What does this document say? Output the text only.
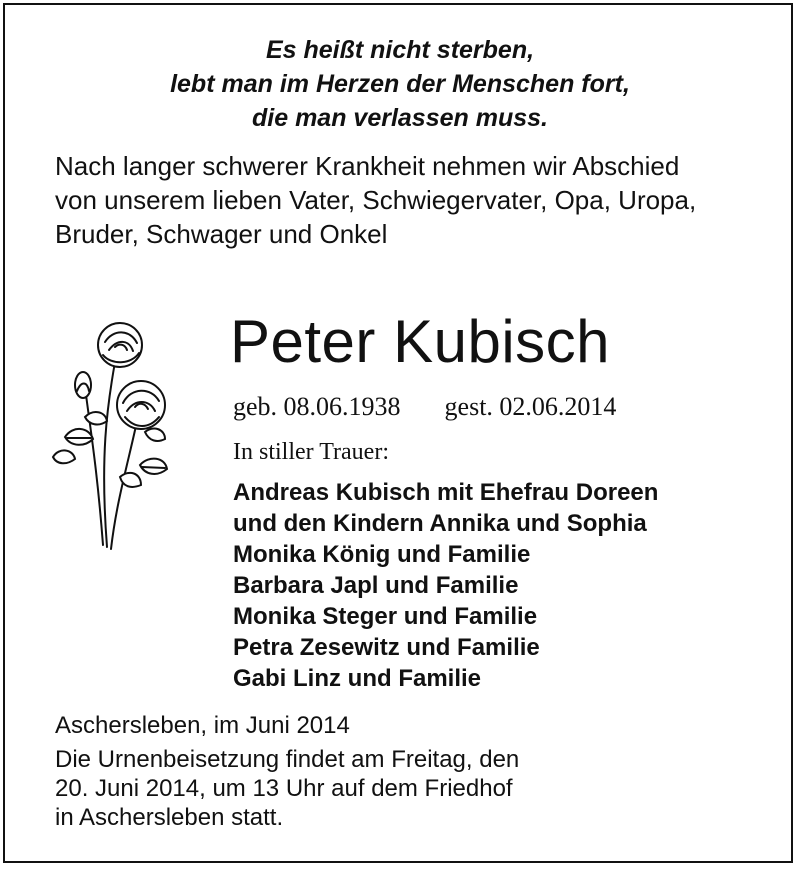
Es heißt nicht sterben,
lebt man im Herzen der Menschen fort,
die man verlassen muss.
Nach langer schwerer Krankheit nehmen wir Abschied
von unserem lieben Vater, Schwiegervater, Opa, Uropa,
Bruder, Schwager und Onkel
Peter Kubisch
geb. 08.06.1938 gest. 02.06.2014
In stiller Trauer:
Andreas Kubisch mit Ehefrau Doreen
und den Kindern Annika und Sophia
Monika König und Familie
Barbara Japl und Familie
Monika Steger und Familie
Petra Zesewitz und Familie
Gabi Linz und Familie
Aschersleben, im Juni 2014
Die Urnenbeisetzung findet am Freitag, den
20. Juni 2014, um 13 Uhr auf dem Friedhof
in Aschersleben statt.
